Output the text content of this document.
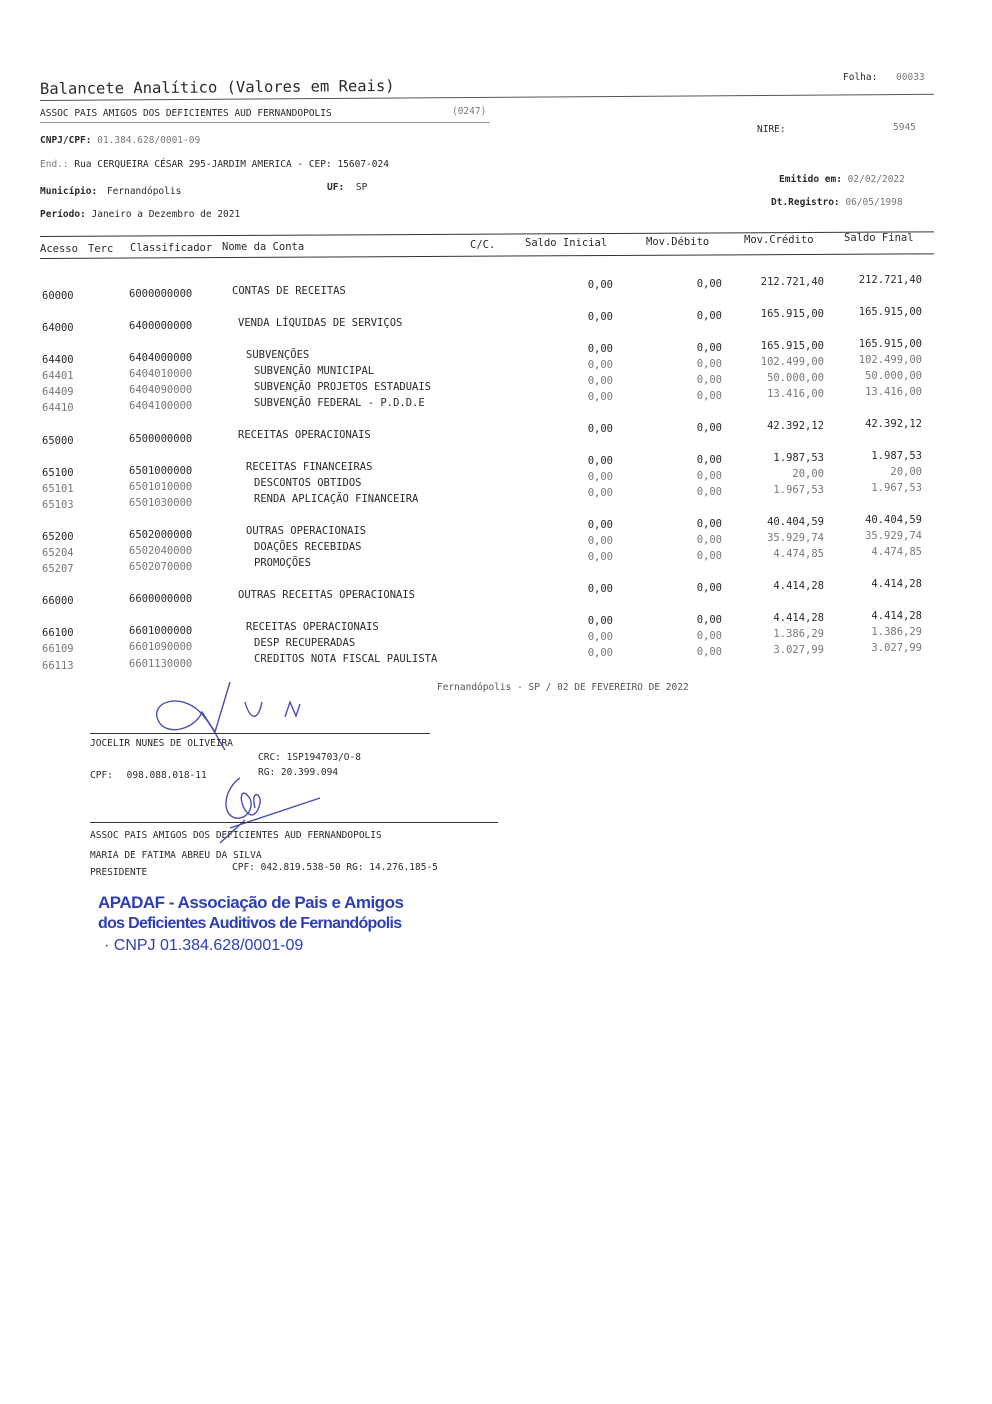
Balancete Analítico (Valores em Reais)	Folha: 00033
ASSOC PAIS AMIGOS DOS DEFICIENTES AUD FERNANDOPOLIS	(0247)
NIRE:	5945
CNPJ/CPF: 01.384.628/0001-09
End.: Rua CERQUEIRA CÉSAR 295-JARDIM AMERICA - CEP: 15607-024
Emitido em: 02/02/2022
Município: Fernandópolis	UF: SP
Dt.Registro: 06/05/1998
Período: Janeiro a Dezembro de 2021
Acesso Terc Classificador Nome da Conta	C/C.	Saldo Inicial	Mov.Débito	Mov.Crédito	Saldo Final
60000	6000000000	CONTAS DE RECEITAS	0,00	0,00	212.721,40	212.721,40
64000	6400000000	VENDA LÍQUIDAS DE SERVIÇOS	0,00	0,00	165.915,00	165.915,00
64400	6404000000	SUBVENÇÕES	0,00	0,00	165.915,00	165.915,00
64401	6404010000	SUBVENÇÃO MUNICIPAL	0,00	0,00	102.499,00	102.499,00
64409	6404090000	SUBVENÇÃO PROJETOS ESTADUAIS	0,00	0,00	50.000,00	50.000,00
64410	6404100000	SUBVENÇÃO FEDERAL - P.D.D.E	0,00	0,00	13.416,00	13.416,00
65000	6500000000	RECEITAS OPERACIONAIS	0,00	0,00	42.392,12	42.392,12
65100	6501000000	RECEITAS FINANCEIRAS	0,00	0,00	1.987,53	1.987,53
65101	6501010000	DESCONTOS OBTIDOS	0,00	0,00	20,00	20,00
65103	6501030000	RENDA APLICAÇÃO FINANCEIRA	0,00	0,00	1.967,53	1.967,53
65200	6502000000	OUTRAS OPERACIONAIS	0,00	0,00	40.404,59	40.404,59
65204	6502040000	DOAÇÕES RECEBIDAS	0,00	0,00	35.929,74	35.929,74
65207	6502070000	PROMOÇÕES	0,00	0,00	4.474,85	4.474,85
66000	6600000000	OUTRAS RECEITAS OPERACIONAIS	0,00	0,00	4.414,28	4.414,28
66100	6601000000	RECEITAS OPERACIONAIS	0,00	0,00	4.414,28	4.414,28
66109	6601090000	DESP RECUPERADAS	0,00	0,00	1.386,29	1.386,29
66113	6601130000	CREDITOS NOTA FISCAL PAULISTA	0,00	0,00	3.027,99	3.027,99
Fernandópolis - SP / 02 DE FEVEREIRO DE 2022
JOCELIR NUNES DE OLIVEIRA
CRC: 1SP194703/O-8
CPF: 098.088.018-11	RG: 20.399.094
ASSOC PAIS AMIGOS DOS DEFICIENTES AUD FERNANDOPOLIS
MARIA DE FATIMA ABREU DA SILVA
PRESIDENTE	CPF: 042.819.538-50 RG: 14.276.185-5
APADAF - Associação de Pais e Amigos
dos Deficientes Auditivos de Fernandópolis
· CNPJ 01.384.628/0001-09
